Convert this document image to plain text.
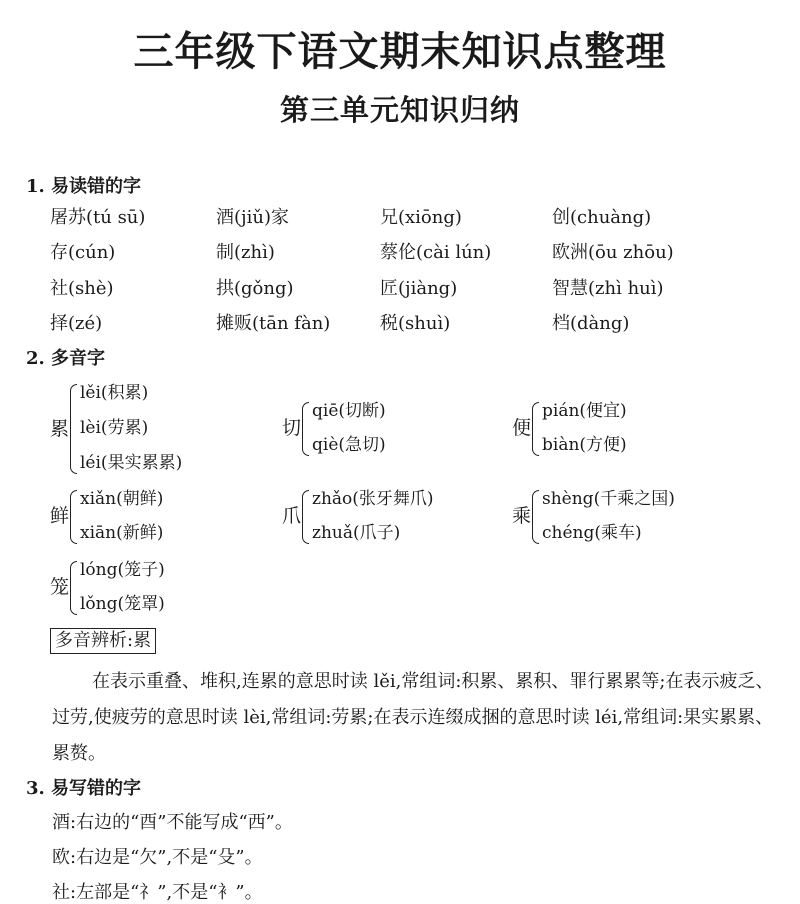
三年级下语文期末知识点整理
第三单元知识归纳
1. 易读错的字
屠苏(tú sū)	酒(jiǔ)家	兄(xiōng)	创(chuàng)
存(cún)	制(zhì)	蔡伦(cài lún)	欧洲(ōu zhōu)
社(shè)	拱(gǒng)	匠(jiàng)	智慧(zhì huì)
择(zé)	摊贩(tān fàn)	税(shuì)	档(dàng)
2. 多音字
累
lěi(积累)
lèi(劳累)
léi(果实累累)
切
qiē(切断)
qiè(急切)
便
pián(便宜)
biàn(方便)
鲜
xiǎn(朝鲜)
xiān(新鲜)
爪
zhǎo(张牙舞爪)
zhuǎ(爪子)
乘
shèng(千乘之国)
chéng(乘车)
笼
lóng(笼子)
lǒng(笼罩)
多音辨析:累

在表示重叠、堆积,连累的意思时读 lěi,常组词:积累、累积、罪行累累等;在表示疲乏、过劳,使疲劳的意思时读 lèi,常组词:劳累;在表示连缀成捆的意思时读 léi,常组词:果实累累、累赘。

3. 易写错的字
酒:右边的“酉”不能写成“西”。
欧:右边是“欠”,不是“殳”。
社:左部是“礻”,不是“衤”。
